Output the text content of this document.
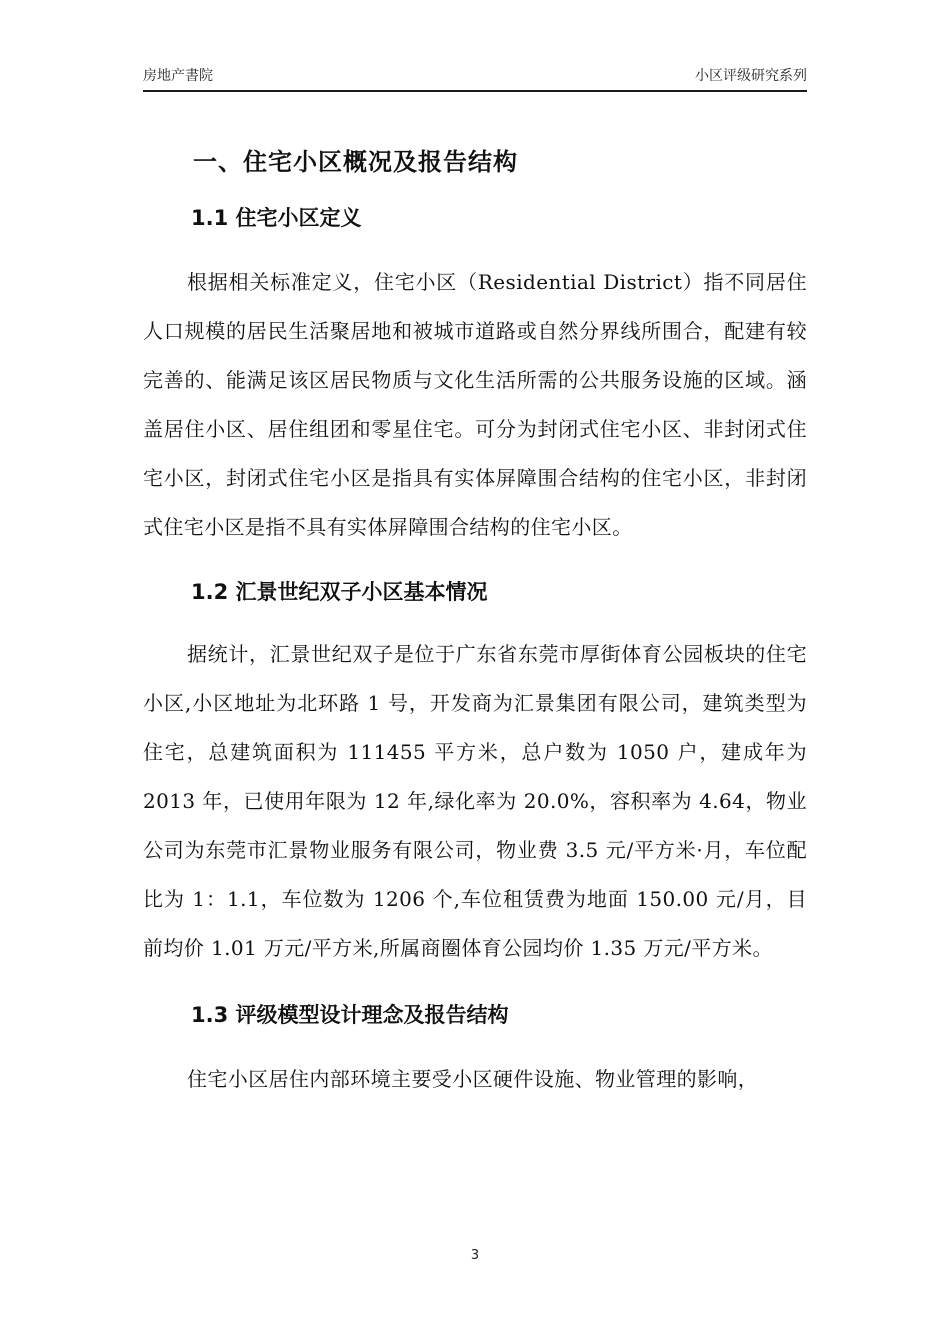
房地产書院	小区评级研究系列
一、住宅小区概况及报告结构
1.1 住宅小区定义

根据相关标准定义，住宅小区（Residential District）指不同居住人口规模的居民生活聚居地和被城市道路或自然分界线所围合，配建有较完善的、能满足该区居民物质与文化生活所需的公共服务设施的区域。涵盖居住小区、居住组团和零星住宅。可分为封闭式住宅小区、非封闭式住宅小区，封闭式住宅小区是指具有实体屏障围合结构的住宅小区，非封闭式住宅小区是指不具有实体屏障围合结构的住宅小区。

1.2 汇景世纪双子小区基本情况

据统计，汇景世纪双子是位于广东省东莞市厚街体育公园板块的住宅小区,小区地址为北环路 1 号，开发商为汇景集团有限公司，建筑类型为住宅，总建筑面积为 111455 平方米，总户数为 1050 户，建成年为 2013 年，已使用年限为 12 年,绿化率为 20.0%，容积率为 4.64，物业公司为东莞市汇景物业服务有限公司，物业费 3.5 元/平方米·月，车位配比为 1：1.1，车位数为 1206 个,车位租赁费为地面 150.00 元/月，目前均价 1.01 万元/平方米,所属商圈体育公园均价 1.35 万元/平方米。

1.3 评级模型设计理念及报告结构

住宅小区居住内部环境主要受小区硬件设施、物业管理的影响，

3
